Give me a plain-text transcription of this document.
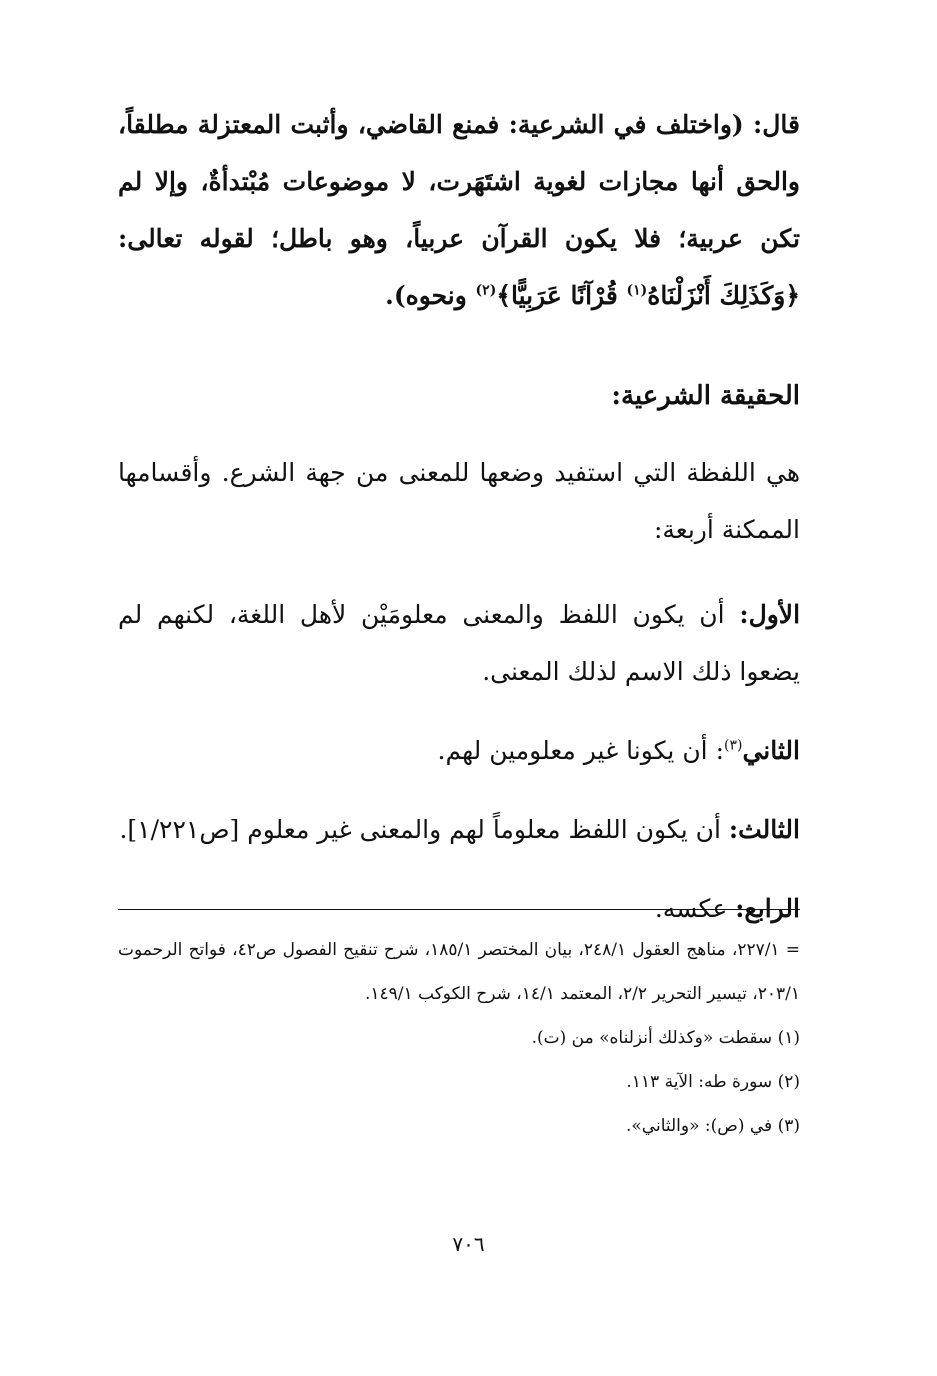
قال: (واختلف في الشرعية: فمنع القاضي، وأثبت المعتزلة مطلقاً، والحق أنها مجازات لغوية اشتَهَرت، لا موضوعات مُبْتدأةٌ، وإلا لم تكن عربية؛ فلا يكون القرآن عربياً، وهو باطل؛ لقوله تعالى: ﴿وَكَذَلِكَ أَنْزَلْنَاهُ$^{(١)}$ قُرْآنًا عَرَبِيًّا﴾$^{(٢)}$ ونحوه).

الحقيقة الشرعية:

هي اللفظة التي استفيد وضعها للمعنى من جهة الشرع. وأقسامها الممكنة أربعة:

الأول: أن يكون اللفظ والمعنى معلومَيْن لأهل اللغة، لكنهم لم يضعوا ذلك الاسم لذلك المعنى.

الثاني$^{(٣)}$: أن يكونا غير معلومين لهم.

الثالث: أن يكون اللفظ معلوماً لهم والمعنى غير معلوم [ص١/٢٢١].

الرابع: عكسه.

= ٢٢٧/١، مناهج العقول ٢٤٨/١، بيان المختصر ١٨٥/١، شرح تنقيح الفصول ص٤٢، فواتح الرحموت ٢٠٣/١، تيسير التحرير ٢/٢، المعتمد ١٤/١، شرح الكوكب ١٤٩/١.

(١) سقطت «وكذلك أنزلناه» من (ت).

(٢) سورة طه: الآية ١١٣.

(٣) في (ص): «والثاني».

٧٠٦
